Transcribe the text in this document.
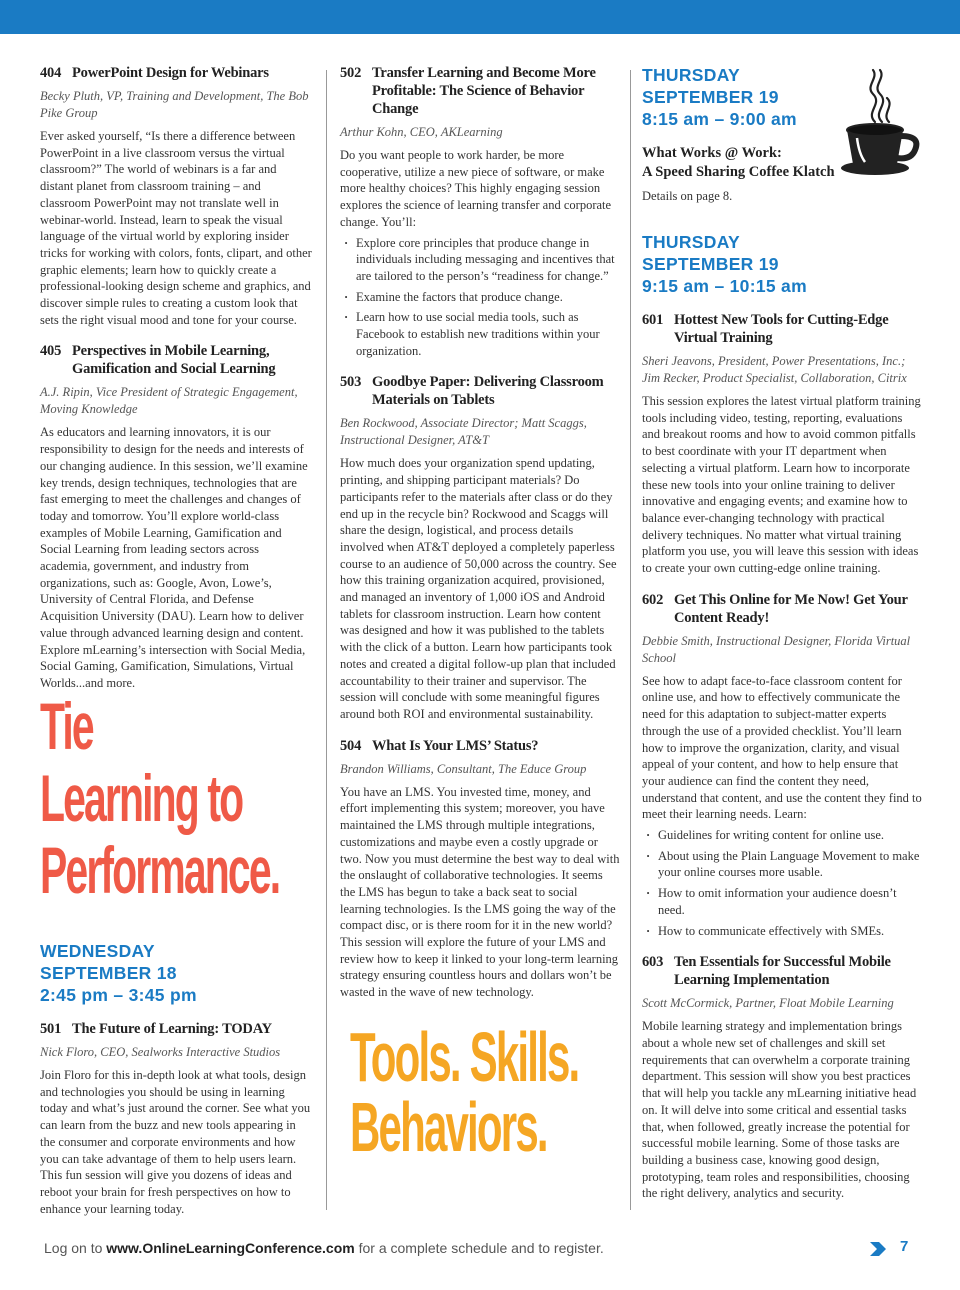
404 PowerPoint Design for Webinars
Becky Pluth, VP, Training and Development, The Bob Pike Group

Ever asked yourself, “Is there a difference between PowerPoint in a live classroom versus the virtual classroom?” The world of webinars is a far and distant planet from classroom training – and classroom PowerPoint may not translate well in webinar-world. Instead, learn to speak the visual language of the virtual world by exploring insider tricks for working with colors, fonts, clipart, and other graphic elements; learn how to quickly create a professional-looking design scheme and graphics, and discover simple rules to creating a custom look that sets the right visual mood and tone for your course.

405 Perspectives in Mobile Learning, Gamification and Social Learning
A.J. Ripin, Vice President of Strategic Engagement, Moving Knowledge

As educators and learning innovators, it is our responsibility to design for the needs and interests of our changing audience. In this session, we’ll examine key trends, design techniques, technologies that are fast emerging to meet the challenges and changes of today and tomorrow. You’ll explore world-class examples of Mobile Learning, Gamification and Social Learning from leading sectors across academia, government, and industry from organizations, such as: Google, Avon, Lowe’s, University of Central Florida, and Defense Acquisition University (DAU). Learn how to deliver value through advanced learning design and content. Explore mLearning’s intersection with Social Media, Social Gaming, Gamification, Simulations, Virtual Worlds...and more.

Tie
Learning to
Performance.
WEDNESDAY
SEPTEMBER 18
2:45 pm – 3:45 pm
501 The Future of Learning: TODAY
Nick Floro, CEO, Sealworks Interactive Studios

Join Floro for this in-depth look at what tools, design and technologies you should be using in learning today and what’s just around the corner. See what you can learn from the buzz and new tools appearing in the consumer and corporate environments and how you can take advantage of them to help users learn. This fun session will give you dozens of ideas and reboot your brain for fresh perspectives on how to enhance your learning today.

502 Transfer Learning and Become More Profitable: The Science of Behavior Change
Arthur Kohn, CEO, AKLearning

Do you want people to work harder, be more cooperative, utilize a new piece of software, or make more healthy choices? This highly engaging session explores the science of learning transfer and corporate change. You’ll:

· Explore core principles that produce change in individuals including messaging and incentives that are tailored to the person’s “readiness for change.”
· Examine the factors that produce change.
· Learn how to use social media tools, such as Facebook to establish new traditions within your organization.
503 Goodbye Paper: Delivering Classroom Materials on Tablets
Ben Rockwood, Associate Director; Matt Scaggs, Instructional Designer, AT&T

How much does your organization spend updating, printing, and shipping participant materials? Do participants refer to the materials after class or do they end up in the recycle bin? Rockwood and Scaggs will share the design, logistical, and process details involved when AT&T deployed a completely paperless course to an audience of 50,000 across the country. See how this training organization acquired, provisioned, and managed an inventory of 1,000 iOS and Android tablets for classroom instruction. Learn how content was designed and how it was published to the tablets with the click of a button. Learn how participants took notes and created a digital follow-up plan that included accountability to their trainer and supervisor. The session will conclude with some meaningful figures around both ROI and environmental sustainability.

504 What Is Your LMS’ Status?
Brandon Williams, Consultant, The Educe Group

You have an LMS. You invested time, money, and effort implementing this system; moreover, you have maintained the LMS through multiple integrations, customizations and maybe even a costly upgrade or two. Now you must determine the best way to deal with the onslaught of collaborative technologies. It seems the LMS has begun to take a back seat to social learning technologies. Is the LMS going the way of the compact disc, or is there room for it in the new world? This session will explore the future of your LMS and review how to keep it linked to your long-term learning strategy ensuring countless hours and dollars won’t be wasted in the wave of new technology.

Tools. Skills.
Behaviors.
THURSDAY
SEPTEMBER 19
8:15 am – 9:00 am
What Works @ Work:
A Speed Sharing Coffee Klatch
Details on page 8.
THURSDAY
SEPTEMBER 19
9:15 am – 10:15 am
601 Hottest New Tools for Cutting-Edge Virtual Training
Sheri Jeavons, President, Power Presentations, Inc.; Jim Recker, Product Specialist, Collaboration, Citrix

This session explores the latest virtual platform training tools including video, testing, reporting, evaluations and breakout rooms and how to avoid common pitfalls to best coordinate with your IT department when selecting a virtual platform. Learn how to incorporate these new tools into your online training to deliver innovative and engaging events; and examine how to balance ever-changing technology with practical delivery techniques. No matter what virtual training platform you use, you will leave this session with ideas to create your own cutting-edge online training.

602 Get This Online for Me Now! Get Your Content Ready!
Debbie Smith, Instructional Designer, Florida Virtual School

See how to adapt face-to-face classroom content for online use, and how to effectively communicate the need for this adaptation to subject-matter experts through the use of a provided checklist. You’ll learn how to improve the organization, clarity, and visual appeal of your content, and how to help ensure that your audience can find the content they need, understand that content, and use the content they find to meet their learning needs. Learn:

· Guidelines for writing content for online use.
· About using the Plain Language Movement to make your online courses more usable.
· How to omit information your audience doesn’t need.
· How to communicate effectively with SMEs.
603 Ten Essentials for Successful Mobile Learning Implementation
Scott McCormick, Partner, Float Mobile Learning

Mobile learning strategy and implementation brings about a whole new set of challenges and skill set requirements that can overwhelm a corporate training department. This session will show you best practices that will help you tackle any mLearning initiative head on. It will delve into some critical and essential tasks that, when followed, greatly increase the potential for successful mobile learning. Some of those tasks are building a business case, knowing good design, prototyping, team roles and responsibilities, choosing the right delivery, analytics and security.

Log on to www.OnlineLearningConference.com for a complete schedule and to register.	7
